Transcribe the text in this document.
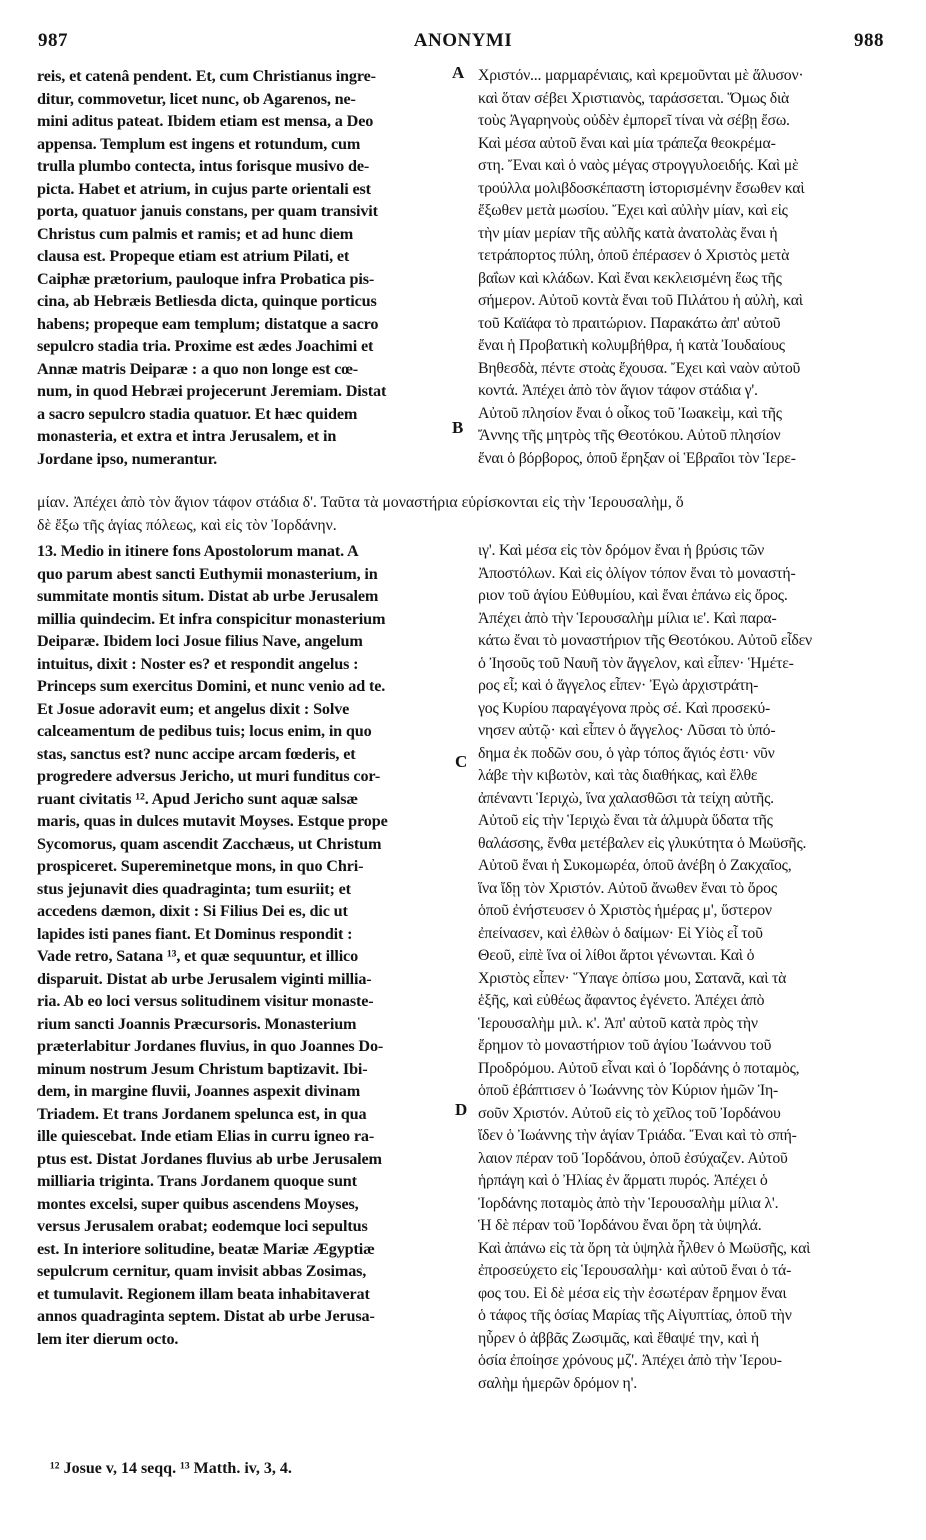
987	ANONYMI	988
A
B
C
D

reis, et catenâ pendent. Et, cum Christianus ingre-

ditur, commovetur, licet nunc, ob Agarenos, ne-

mini aditus pateat. Ibidem etiam est mensa, a Deo

appensa. Templum est ingens et rotundum, cum

trulla plumbo contecta, intus forisque musivo de-

picta. Habet et atrium, in cujus parte orientali est

porta, quatuor januis constans, per quam transivit

Christus cum palmis et ramis; et ad hunc diem

clausa est. Propeque etiam est atrium Pilati, et

Caiphæ prætorium, pauloque infra Probatica pis-

cina, ab Hebræis Betliesda dicta, quinque porticus

habens; propeque eam templum; distatque a sacro

sepulcro stadia tria. Proxime est ædes Joachimi et

Annæ matris Deiparæ : a quo non longe est cœ-

num, in quod Hebræi projecerunt Jeremiam. Distat

a sacro sepulcro stadia quatuor. Et hæc quidem

monasteria, et extra et intra Jerusalem, et in

Jordane ipso, numerantur.

Χριστόν... μαρμαρένιαις, καὶ κρεμοῦνται μὲ ἅλυσον·

καὶ ὅταν σέβει Χριστιανὸς, ταράσσεται. Ὅμως διὰ

τοὺς Ἀγαρηνοὺς οὐδὲν ἐμπορεῖ τίναι νὰ σέβῃ ἔσω.

Καὶ μέσα αὐτοῦ ἔναι καὶ μία τράπεζα θεοκρέμα-

στη. Ἔναι καὶ ὁ ναὸς μέγας στρογγυλοειδής. Καὶ μὲ

τρούλλα μολιβδοσκέπαστη ἱστορισμένην ἔσωθεν καὶ

ἔξωθεν μετὰ μωσίου. Ἔχει καὶ αὐλὴν μίαν, καὶ εἰς

τὴν μίαν μερίαν τῆς αὐλῆς κατὰ ἀνατολὰς ἔναι ἡ

τετράπορτος πύλη, ὁποῦ ἐπέρασεν ὁ Χριστὸς μετὰ

βαΐων καὶ κλάδων. Καὶ ἔναι κεκλεισμένη ἕως τῆς

σήμερον. Αὐτοῦ κοντὰ ἔναι τοῦ Πιλάτου ἡ αὐλὴ, καὶ

τοῦ Καϊάφα τὸ πραιτώριον. Παρακάτω ἀπ' αὐτοῦ

ἔναι ἡ Προβατικὴ κολυμβήθρα, ἡ κατὰ Ἰουδαίους

Βηθεσδὰ, πέντε στοὰς ἔχουσα. Ἔχει καὶ ναὸν αὐτοῦ

κοντά. Ἀπέχει ἀπὸ τὸν ἅγιον τάφον στάδια γ'.

Αὐτοῦ πλησίον ἔναι ὁ οἶκος τοῦ Ἰωακεὶμ, καὶ τῆς

Ἄννης τῆς μητρὸς τῆς Θεοτόκου. Αὐτοῦ πλησίον

ἔναι ὁ βόρβορος, ὁποῦ ἔρηξαν οἱ Ἑβραῖοι τὸν Ἱερε-

μίαν. Ἀπέχει ἀπὸ τὸν ἅγιον τάφον στάδια δ'. Ταῦτα τὰ μοναστήρια εὑρίσκονται εἰς τὴν Ἱερουσαλὴμ, ὅ

δὲ ἔξω τῆς ἁγίας πόλεως, καὶ εἰς τὸν Ἰορδάνην.

13. Medio in itinere fons Apostolorum manat. A

quo parum abest sancti Euthymii monasterium, in

summitate montis situm. Distat ab urbe Jerusalem

millia quindecim. Et infra conspicitur monasterium

Deiparæ. Ibidem loci Josue filius Nave, angelum

intuitus, dixit : Noster es? et respondit angelus :

Princeps sum exercitus Domini, et nunc venio ad te.

Et Josue adoravit eum; et angelus dixit : Solve

calceamentum de pedibus tuis; locus enim, in quo

stas, sanctus est? nunc accipe arcam fœderis, et

progredere adversus Jericho, ut muri funditus cor-

ruant civitatis ¹². Apud Jericho sunt aquæ salsæ

maris, quas in dulces mutavit Moyses. Estque prope

Sycomorus, quam ascendit Zacchæus, ut Christum

prospiceret. Supereminetque mons, in quo Chri-

stus jejunavit dies quadraginta; tum esuriit; et

accedens dæmon, dixit : Si Filius Dei es, dic ut

lapides isti panes fiant. Et Dominus respondit :

Vade retro, Satana ¹³, et quæ sequuntur, et illico

disparuit. Distat ab urbe Jerusalem viginti millia-

ria. Ab eo loci versus solitudinem visitur monaste-

rium sancti Joannis Præcursoris. Monasterium

præterlabitur Jordanes fluvius, in quo Joannes Do-

minum nostrum Jesum Christum baptizavit. Ibi-

dem, in margine fluvii, Joannes aspexit divinam

Triadem. Et trans Jordanem spelunca est, in qua

ille quiescebat. Inde etiam Elias in curru igneo ra-

ptus est. Distat Jordanes fluvius ab urbe Jerusalem

milliaria triginta. Trans Jordanem quoque sunt

montes excelsi, super quibus ascendens Moyses,

versus Jerusalem orabat; eodemque loci sepultus

est. In interiore solitudine, beatæ Mariæ Ægyptiæ

sepulcrum cernitur, quam invisit abbas Zosimas,

et tumulavit. Regionem illam beata inhabitaverat

annos quadraginta septem. Distat ab urbe Jerusa-

lem iter dierum octo.

ιγ'. Καὶ μέσα εἰς τὸν δρόμον ἔναι ἡ βρύσις τῶν

Ἀποστόλων. Καὶ εἰς ὀλίγον τόπον ἔναι τὸ μοναστή-

ριον τοῦ ἁγίου Εὐθυμίου, καὶ ἔναι ἐπάνω εἰς ὄρος.

Ἀπέχει ἀπὸ τὴν Ἱερουσαλὴμ μίλια ιε'. Καὶ παρα-

κάτω ἔναι τὸ μοναστήριον τῆς Θεοτόκου. Αὐτοῦ εἶδεν

ὁ Ἰησοῦς τοῦ Ναυῆ τὸν ἄγγελον, καὶ εἶπεν· Ἡμέτε-

ρος εἶ; καὶ ὁ ἄγγελος εἶπεν· Ἐγὼ ἀρχιστράτη-

γος Κυρίου παραγέγονα πρὸς σέ. Καὶ προσεκύ-

νησεν αὐτῷ· καὶ εἶπεν ὁ ἄγγελος· Λῦσαι τὸ ὑπό-

δημα ἐκ ποδῶν σου, ὁ γὰρ τόπος ἅγιός ἐστι· νῦν

λάβε τὴν κιβωτὸν, καὶ τὰς διαθήκας, καὶ ἔλθε

ἀπέναντι Ἱεριχὼ, ἵνα χαλασθῶσι τὰ τείχη αὐτῆς.

Αὐτοῦ εἰς τὴν Ἱεριχὼ ἔναι τὰ ἁλμυρὰ ὕδατα τῆς

θαλάσσης, ἔνθα μετέβαλεν εἰς γλυκύτητα ὁ Μωϋσῆς.

Αὐτοῦ ἔναι ἡ Συκομωρέα, ὁποῦ ἀνέβη ὁ Ζακχαῖος,

ἵνα ἴδῃ τὸν Χριστόν. Αὐτοῦ ἄνωθεν ἔναι τὸ ὄρος

ὁποῦ ἐνήστευσεν ὁ Χριστὸς ἡμέρας μ', ὕστερον

ἐπείνασεν, καὶ ἐλθὼν ὁ δαίμων· Εἰ Υἱὸς εἶ τοῦ

Θεοῦ, εἰπὲ ἵνα οἱ λίθοι ἄρτοι γένωνται. Καὶ ὁ

Χριστὸς εἶπεν· Ὕπαγε ὀπίσω μου, Σατανᾶ, καὶ τὰ

ἑξῆς, καὶ εὐθέως ἄφαντος ἐγένετο. Ἀπέχει ἀπὸ

Ἱερουσαλὴμ μιλ. κ'. Ἀπ' αὐτοῦ κατὰ πρὸς τὴν

ἔρημον τὸ μοναστήριον τοῦ ἁγίου Ἰωάννου τοῦ

Προδρόμου. Αὐτοῦ εἶναι καὶ ὁ Ἰορδάνης ὁ ποταμὸς,

ὁποῦ ἐβάπτισεν ὁ Ἰωάννης τὸν Κύριον ἡμῶν Ἰη-

σοῦν Χριστόν. Αὐτοῦ εἰς τὸ χεῖλος τοῦ Ἰορδάνου

ἴδεν ὁ Ἰωάννης τὴν ἁγίαν Τριάδα. Ἔναι καὶ τὸ σπή-

λαιον πέραν τοῦ Ἰορδάνου, ὁποῦ ἐσύχαζεν. Αὐτοῦ

ἡρπάγη καὶ ὁ Ἠλίας ἐν ἅρματι πυρός. Ἀπέχει ὁ

Ἰορδάνης ποταμὸς ἀπὸ τὴν Ἱερουσαλὴμ μίλια λ'.

Ἡ δὲ πέραν τοῦ Ἰορδάνου ἔναι ὄρη τὰ ὑψηλά.

Καὶ ἀπάνω εἰς τὰ ὄρη τὰ ὑψηλὰ ἦλθεν ὁ Μωϋσῆς, καὶ

ἐπροσεύχετο εἰς Ἱερουσαλὴμ· καὶ αὐτοῦ ἔναι ὁ τά-

φος του. Εἰ δὲ μέσα εἰς τὴν ἐσωτέραν ἔρημον ἔναι

ὁ τάφος τῆς ὁσίας Μαρίας τῆς Αἰγυπτίας, ὁποῦ τὴν

ηὗρεν ὁ ἀββᾶς Ζωσιμᾶς, καὶ ἔθαψέ την, καὶ ἡ

ὁσία ἐποίησε χρόνους μζ'. Ἀπέχει ἀπὸ τὴν Ἱερου-

σαλὴμ ἡμερῶν δρόμον η'.

¹² Josue v, 14 seqq. ¹³ Matth. iv, 3, 4.
